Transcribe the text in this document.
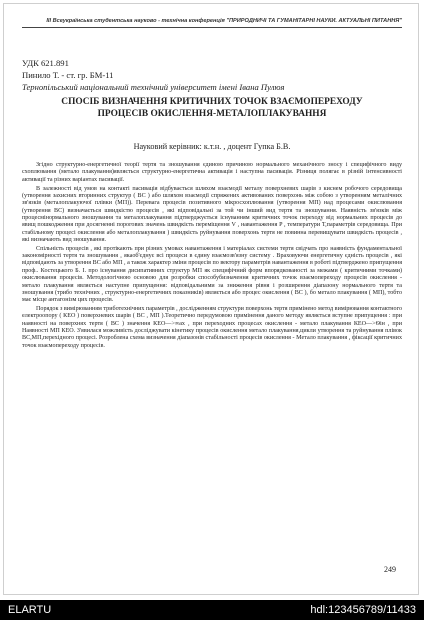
III Всеукраїнська студентська науково - технічна конференція "ПРИРОДНИЧІ ТА ГУМАНІТАРНІ НАУКИ. АКТУАЛЬНІ ПИТАННЯ"
УДК 621.891
Пинило Т. - ст. гр. БМ-11
Тернопільський національний технічний університет імені Івана Пулюя
СПОСІБ ВИЗНАЧЕННЯ КРИТИЧНИХ ТОЧОК ВЗАЄМОПЕРЕХОДУ ПРОЦЕСІВ ОКИСЛЕННЯ-МЕТАЛОПЛАКУВАННЯ
Науковий керівник: к.т.н. , доцент Гупка Б.В.

Згідно структурно-енергетичної теорії тертя та зношування єдиною причиною нормального механічного зносу і специфічного виду схоплювання (метало плакування)являється структурно-енергетична активація і наступна пасивація. Різниця полягає в різній інтенсивності активації та різних варіантах пасивації.

В залежності від умов на контакті пасивація відбувається шляхом взаємодії металу поверхневих шарів з киснем робочого середовища (утворення захисних вторинних структур ( ВС ) або шляхом взаємодії спряжених активованих поверхонь між собою з утворенням металічних зв'язків (металоплакуючої плівки (МП)). Перевага процесів позитивного мікросхоплювання (утворення МП) над процесами окислювання (утворення ВС) визначається швидкістю процесів , які відповідальні за той чи інший вид тертя та зношування. Наявність зв'язків між процесмінормального зношування та металоплакування підтверджується існуванням критичних точок переходу від нормальних процесів до явищ пошкодження при досягненні порогових значень швидкість переміщення V , навантаження P , температури T,параметрів середовища. При стабільному процесі окислення або металоплакування ) швидкість руйнування поверхонь тертя не повинна перевищувати швидкість процесів , які визначають вид зношування.

Спільність процесів , які протікають при різних умовах навантаження і матеріалах системи тертя свідчать про наявність фундаментальної закономірності тертя та зношування , якаоб'єднує всі процеси в єдину взаємозв'язну систему . Враховуючи енергетичну єдність процесів , які відповідають за утворення ВС або МП , а також характер зміни процесів по вектору параметрів навантаження в роботі підтверджено припущення проф.. Костецького Б. І. про існування дисипативних структур МП як специфічний форм впорядкованості за межами ( критичними точками) окислювання процесів. Методологічною основою для розробки способубизначення критичних точок взаємопереходу процесів окислення - метало плакування являється наступне припущення: відповідальними за зниження рівня і розширення діапазону нормального тертя та зношування (трибо технічних , структурно-енергетичних показників) являється або процес окислення ( ВС ), бо метало плакування ( МП), тобто має місце антагонізм цих процесів.

Порядок з вимірюванням триботехнічних параметрів , дослідженням структури поверхонь тертя примінено метод вимірювання контактного електроопору ( КЕО ) поверхневих шарів ( ВС , МП ).Теоретично передумовою примінення даного методу являється вступне припущення : при наявності на поверхнях тертя ( ВС ) значення КЕО—>∞ах , при переходних процесах окислення - метало плакування КЕО—>Ѳін , при Наявності МП КЕО. З'явилася можливість досліджувати кінетику процесів окислення метало плакування,цикли утворення та руйнування плівок ВС,МП,перехідного процесі. Розроблена схема визначення діапазонів стабільності процесів окислення - Метало плакування , фіксації критичних точок взаємопереходу процесів.

249
ELARTU	hdl:123456789/11433
